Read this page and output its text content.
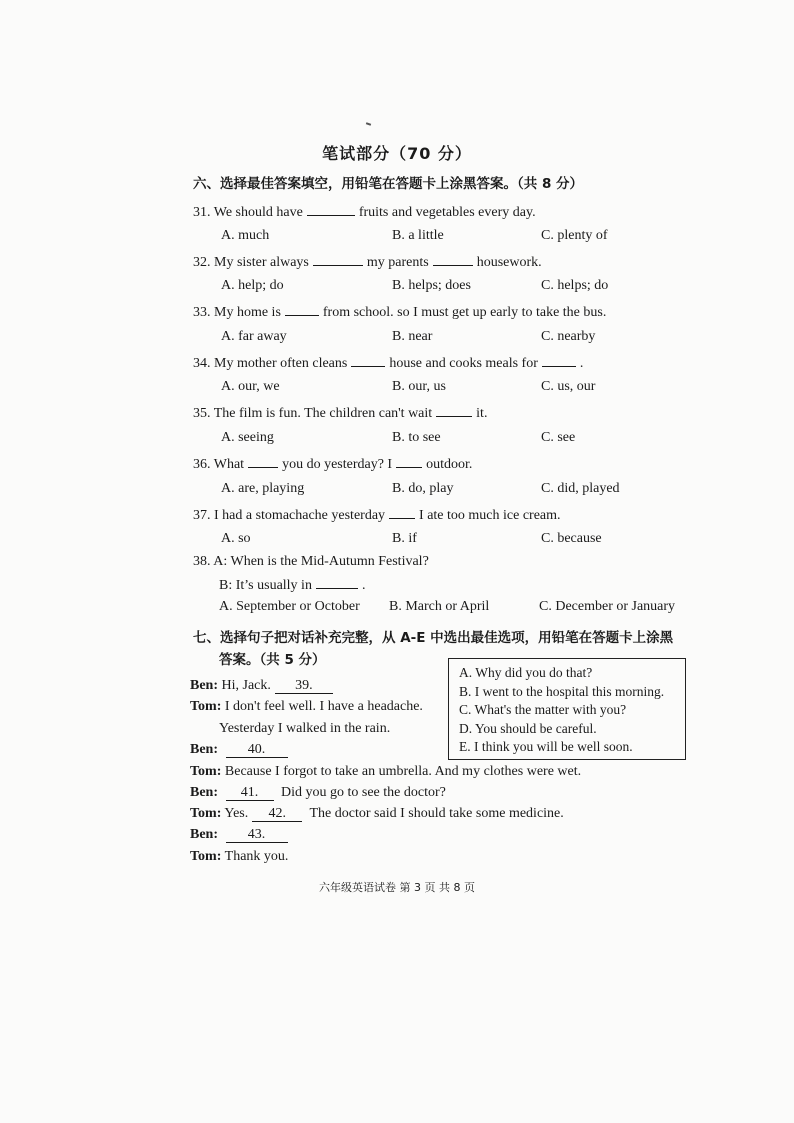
笔试部分（70 分）
六、选择最佳答案填空，用铅笔在答题卡上涂黑答案。（共 8 分）
31. We should have	fruits and vegetables every day.
A. much	B. a little	C. plenty of
32. My sister always	my parents	housework.
A. help; do	B. helps; does	C. helps; do
33. My home is	from school. so I must get up early to take the bus.
A. far away	B. near	C. nearby
34. My mother often cleans	house and cooks meals for	.
A. our, we	B. our, us	C. us, our
35. The film is fun. The children can't wait	it.
A. seeing	B. to see	C. see
36. What	you do yesterday? I outdoor.
A. are, playing	B. do, play	C. did, played
37. I had a stomachache yesterday I ate too much ice cream.
A. so	B. if	C. because
38. A: When is the Mid-Autumn Festival?
B: It’s usually in	.
A. September or October B. March or April	C. December or January
七、选择句子把对话补充完整，从 A-E 中选出最佳选项，用铅笔在答题卡上涂黑
答案。（共 5 分）
A. Why did you do that?
B. I went to the hospital this morning.
C. What's the matter with you?
D. You should be careful.
E. I think you will be well soon.
Ben: Hi, Jack. 39.
Tom: I don't feel well. I have a headache.
Yesterday I walked in the rain.
Ben: 40.
Tom: Because I forgot to take an umbrella. And my clothes were wet.
Ben: 41. Did you go to see the doctor?
Tom: Yes. 42. The doctor said I should take some medicine.
Ben: 43.
Tom: Thank you.
六年级英语试卷 第 3 页 共 8 页
